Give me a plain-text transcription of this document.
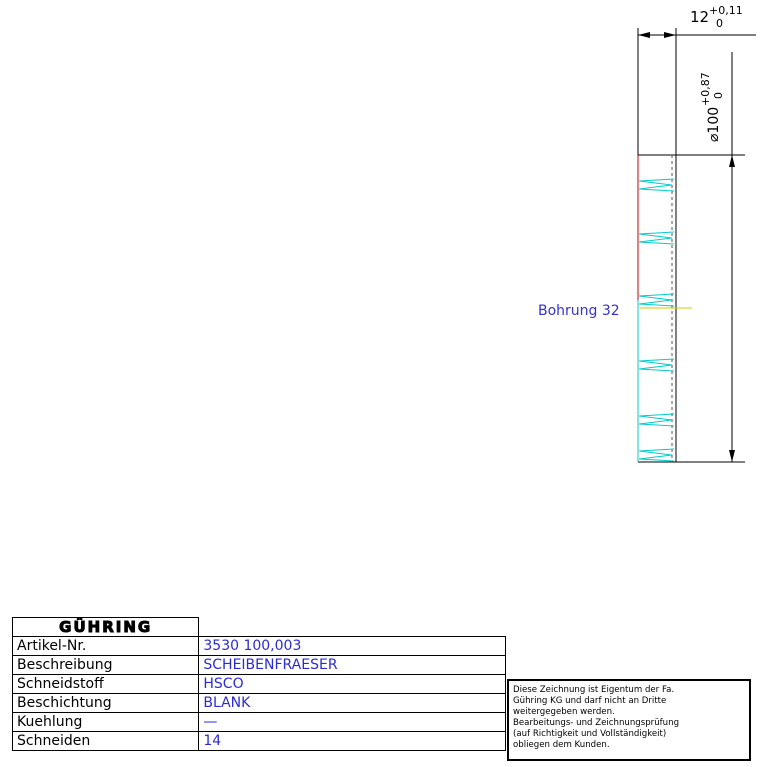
12 +0,11
0
⌀100
+0,87 0
Bohrung 32
GÜHRING	
Artikel-Nr.	3530 100,003
Beschreibung	SCHEIBENFRAESER
Schneidstoff	HSCO
Beschichtung	BLANK
Kuehlung	—
Schneiden	14
Diese Zeichnung ist Eigentum der Fa.
Gühring KG und darf nicht an Dritte
weitergegeben werden.
Bearbeitungs- und Zeichnungsprüfung
(auf Richtigkeit und Vollständigkeit)
obliegen dem Kunden.
